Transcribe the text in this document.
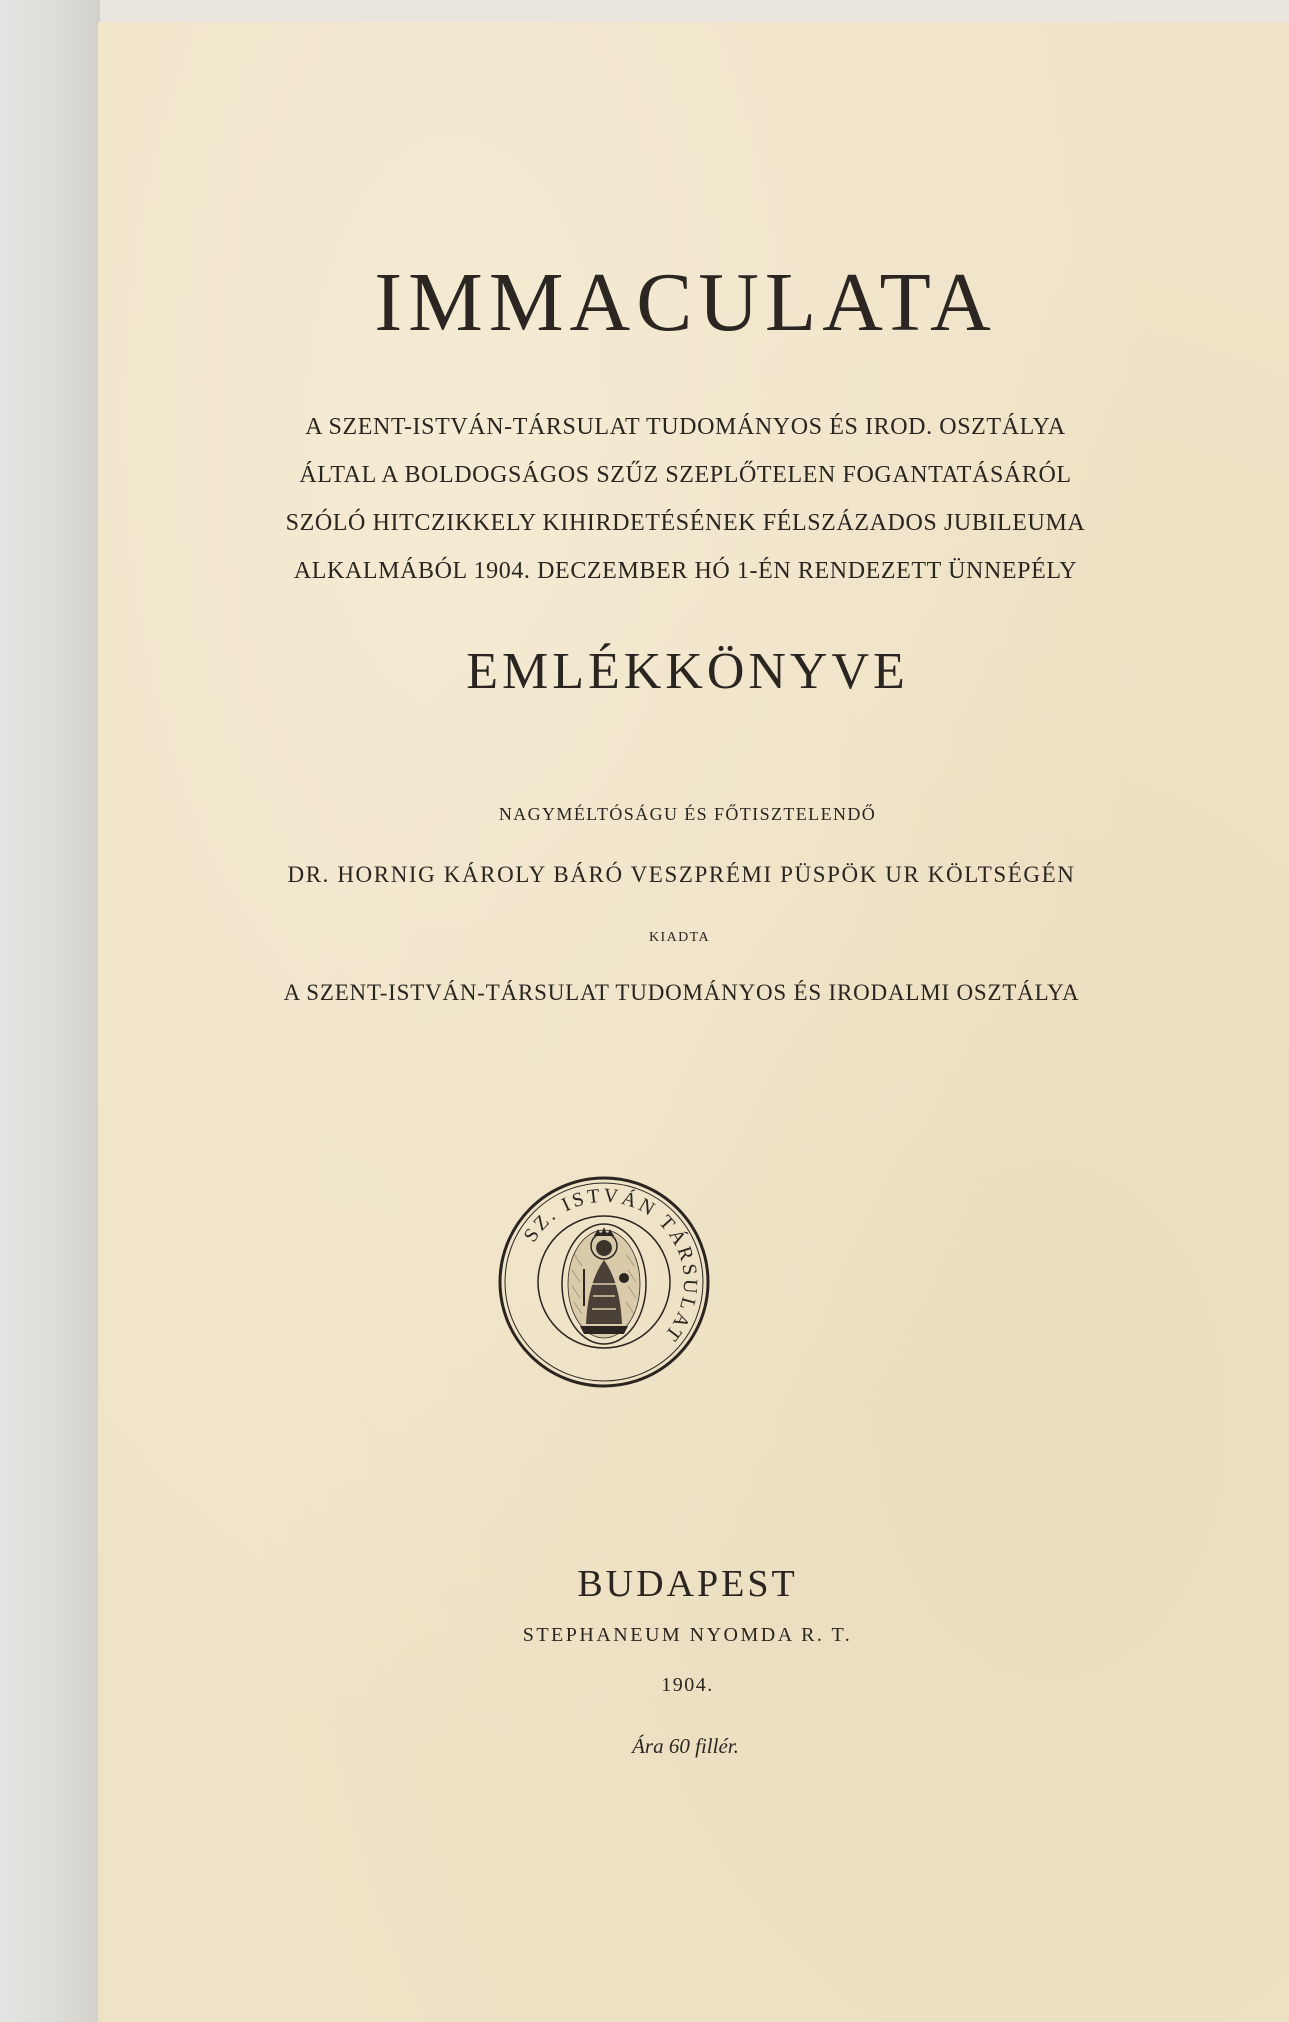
IMMACULATA
A SZENT-ISTVÁN-TÁRSULAT TUDOMÁNYOS ÉS IROD. OSZTÁLYA
ÁLTAL A BOLDOGSÁGOS SZŰZ SZEPLŐTELEN FOGANTATÁSÁRÓL
SZÓLÓ HITCZIKKELY KIHIRDETÉSÉNEK FÉLSZÁZADOS JUBILEUMA
ALKALMÁBÓL 1904. DECZEMBER HÓ 1-ÉN RENDEZETT ÜNNEPÉLY
EMLÉKKÖNYVE
NAGYMÉLTÓSÁGU ÉS FŐTISZTELENDŐ
DR. HORNIG KÁROLY BÁRÓ VESZPRÉMI PÜSPÖK UR KÖLTSÉGÉN
KIADTA
A SZENT-ISTVÁN-TÁRSULAT TUDOMÁNYOS ÉS IRODALMI OSZTÁLYA
SZ. ISTVÁN TÁRSULAT
BUDAPEST
STEPHANEUM NYOMDA R. T.
1904.
Ára 60 fillér.
